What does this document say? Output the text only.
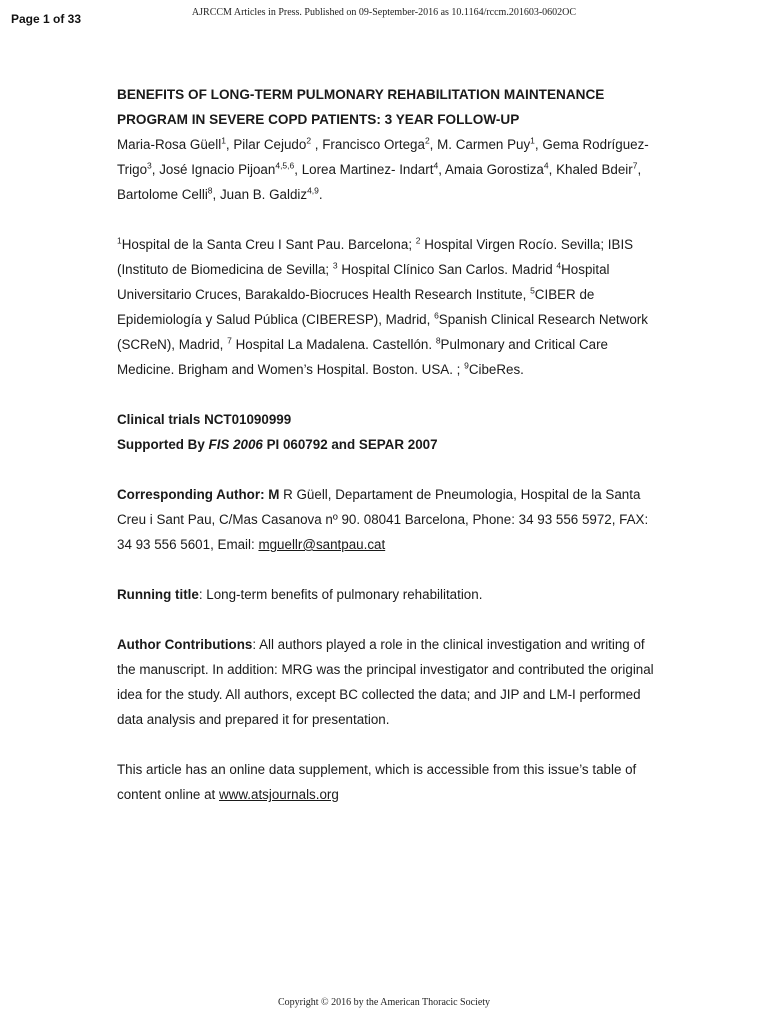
Page 1 of 33	AJRCCM Articles in Press. Published on 09-September-2016 as 10.1164/rccm.201603-0602OC
BENEFITS OF LONG-TERM PULMONARY REHABILITATION MAINTENANCE
PROGRAM IN SEVERE COPD PATIENTS: 3 YEAR FOLLOW-UP

Maria-Rosa Güell$^1$, Pilar Cejudo$^2$ , Francisco Ortega$^2$, M. Carmen Puy$^1$, Gema Rodríguez-Trigo$^3$, José Ignacio Pijoan$^{4,5,6}$, Lorea Martinez- Indart$^4$, Amaia Gorostiza$^4$, Khaled Bdeir$^7$, Bartolome Celli$^8$, Juan B. Galdiz$^{4,9}$.

$^1$Hospital de la Santa Creu I Sant Pau. Barcelona; $^2$ Hospital Virgen Rocío. Sevilla; IBIS (Instituto de Biomedicina de Sevilla; $^3$ Hospital Clínico San Carlos. Madrid $^4$Hospital Universitario Cruces, Barakaldo-Biocruces Health Research Institute, $^5$CIBER de Epidemiología y Salud Pública (CIBERESP), Madrid, $^6$Spanish Clinical Research Network (SCReN), Madrid, $^7$ Hospital La Madalena. Castellón. $^8$Pulmonary and Critical Care Medicine. Brigham and Women’s Hospital. Boston. USA. ; $^9$CibeRes.

Clinical trials NCT01090999

Supported By FIS 2006 PI 060792 and SEPAR 2007

Corresponding Author: M R Güell, Departament de Pneumologia, Hospital de la Santa Creu i Sant Pau, C/Mas Casanova nº 90. 08041 Barcelona, Phone: 34 93 556 5972, FAX: 34 93 556 5601, Email: mguellr@santpau.cat

Running title: Long-term benefits of pulmonary rehabilitation.

Author Contributions: All authors played a role in the clinical investigation and writing of the manuscript. In addition: MRG was the principal investigator and contributed the original idea for the study. All authors, except BC collected the data; and JIP and LM-I performed data analysis and prepared it for presentation.

This article has an online data supplement, which is accessible from this issue’s table of content online at www.atsjournals.org

Copyright © 2016 by the American Thoracic Society
